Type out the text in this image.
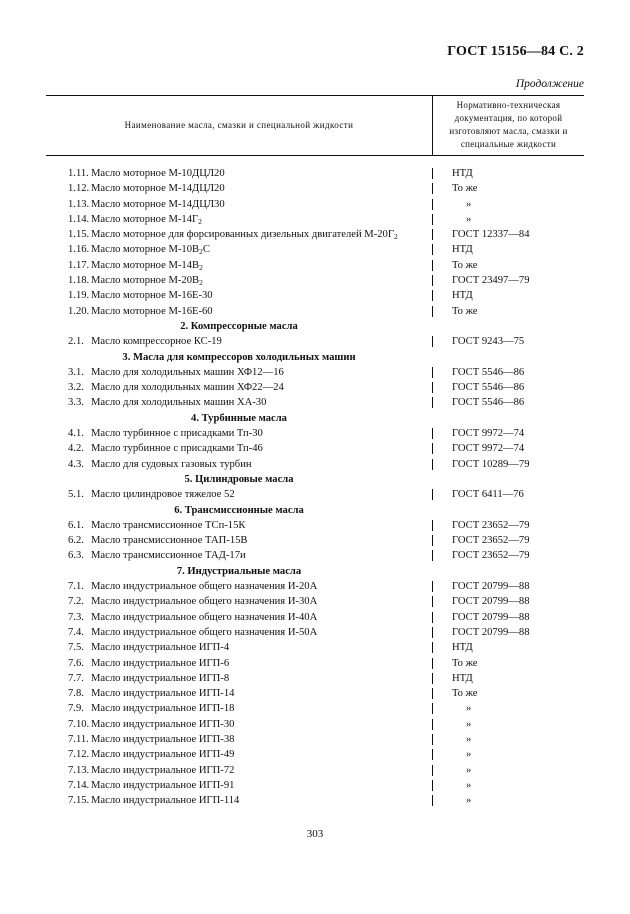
ГОСТ 15156—84 С. 2
Продолжение
Наименование масла, смазки и специальной жидкости
Нормативно-техническая
документация, по которой
изготовляют масла, смазки и
специальные жидкости
1.11. Масло моторное М-10ДЦЛ20	НТД
1.12. Масло моторное М-14ДЦЛ20	То же
1.13. Масло моторное М-14ДЦЛ30	»
1.14. Масло моторное $М-14Г_2$	»
1.15. Масло моторное для форсированных дизельных двигателей $М-20Г_2$	ГОСТ 12337—84
1.16. Масло моторное $М-10В_2С$	НТД
1.17. Масло моторное $М-14В_2$	То же
1.18. Масло моторное $М-20В_2$	ГОСТ 23497—79
1.19. Масло моторное М-16Е-30	НТД
1.20. Масло моторное М-16Е-60	То же
2. Компрессорные масла
2.1. Масло компрессорное КС-19	ГОСТ 9243—75
3. Масла для компрессоров холодильных машин
3.1. Масло для холодильных машин ХФ12—16	ГОСТ 5546—86
3.2. Масло для холодильных машин ХФ22—24	ГОСТ 5546—86
3.3. Масло для холодильных машин ХА-30	ГОСТ 5546—86
4. Турбинные масла
4.1. Масло турбинное с присадками Тп-30	ГОСТ 9972—74
4.2. Масло турбинное с присадками Тп-46	ГОСТ 9972—74
4.3. Масло для судовых газовых турбин	ГОСТ 10289—79
5. Цилиндровые масла
5.1. Масло цилиндровое тяжелое 52	ГОСТ 6411—76
6. Трансмиссионные масла
6.1. Масло трансмиссионное ТСп-15К	ГОСТ 23652—79
6.2. Масло трансмиссионное ТАП-15В	ГОСТ 23652—79
6.3. Масло трансмиссионное ТАД-17и	ГОСТ 23652—79
7. Индустриальные масла
7.1. Масло индустриальное общего назначения И-20А	ГОСТ 20799—88
7.2. Масло индустриальное общего назначения И-30А	ГОСТ 20799—88
7.3. Масло индустриальное общего назначения И-40А	ГОСТ 20799—88
7.4. Масло индустриальное общего назначения И-50А	ГОСТ 20799—88
7.5. Масло индустриальное ИГП-4	НТД
7.6. Масло индустриальное ИГП-6	То же
7.7. Масло индустриальное ИГП-8	НТД
7.8. Масло индустриальное ИГП-14	То же
7.9. Масло индустриальное ИГП-18	»
7.10. Масло индустриальное ИГП-30	»
7.11. Масло индустриальное ИГП-38	»
7.12. Масло индустриальное ИГП-49	»
7.13. Масло индустриальное ИГП-72	»
7.14. Масло индустриальное ИГП-91	»
7.15. Масло индустриальное ИГП-114	»
303
